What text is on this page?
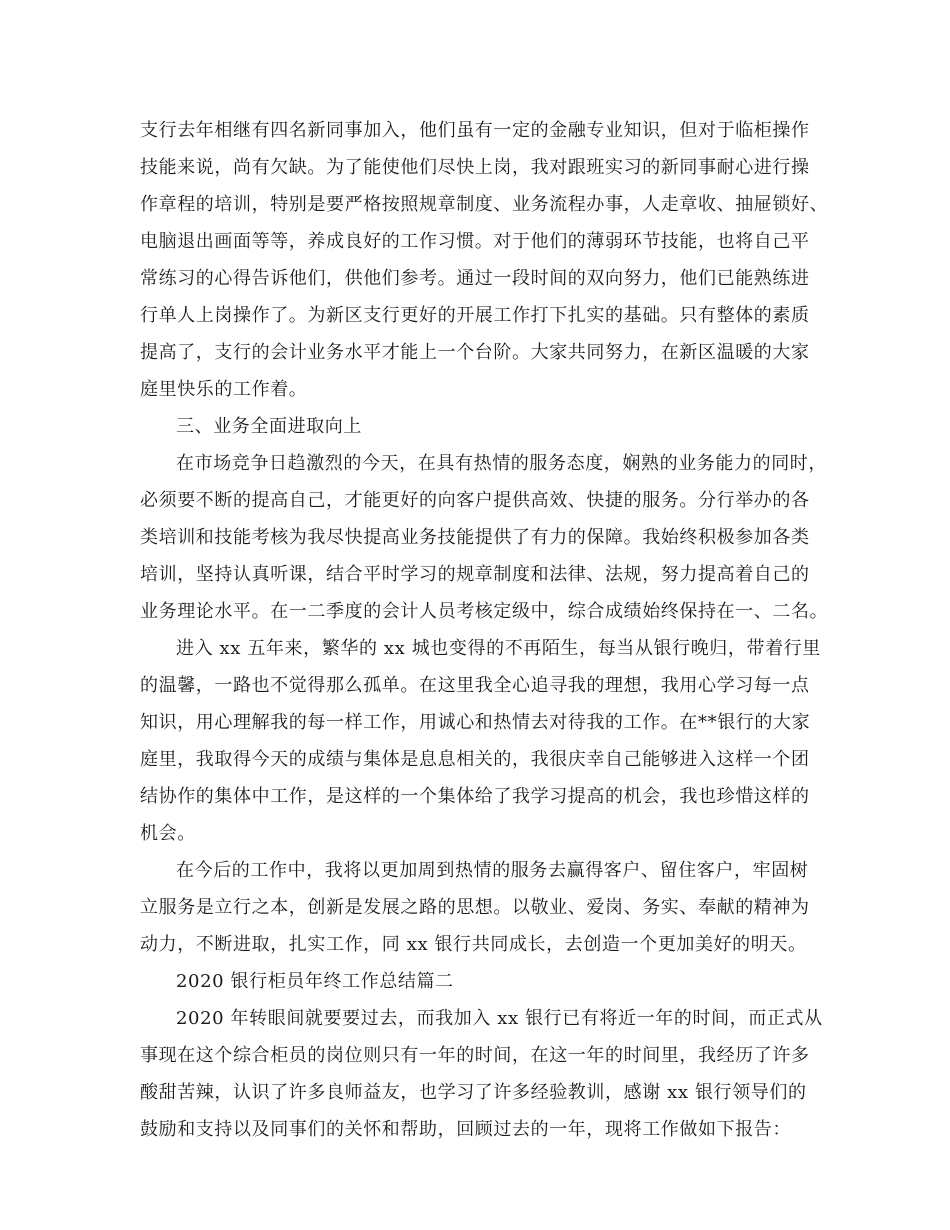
支行去年相继有四名新同事加入，他们虽有一定的金融专业知识，但对于临柜操作
技能来说，尚有欠缺。为了能使他们尽快上岗，我对跟班实习的新同事耐心进行操
作章程的培训，特别是要严格按照规章制度、业务流程办事，人走章收、抽屉锁好、
电脑退出画面等等，养成良好的工作习惯。对于他们的薄弱环节技能，也将自己平
常练习的心得告诉他们，供他们参考。通过一段时间的双向努力，他们已能熟练进
行单人上岗操作了。为新区支行更好的开展工作打下扎实的基础。只有整体的素质
提高了，支行的会计业务水平才能上一个台阶。大家共同努力，在新区温暖的大家
庭里快乐的工作着。
三、业务全面进取向上
在市场竞争日趋激烈的今天，在具有热情的服务态度，娴熟的业务能力的同时，
必须要不断的提高自己，才能更好的向客户提供高效、快捷的服务。分行举办的各
类培训和技能考核为我尽快提高业务技能提供了有力的保障。我始终积极参加各类
培训，坚持认真听课，结合平时学习的规章制度和法律、法规，努力提高着自己的
业务理论水平。在一二季度的会计人员考核定级中，综合成绩始终保持在一、二名。
进入 xx 五年来，繁华的 xx 城也变得的不再陌生，每当从银行晚归，带着行里
的温馨，一路也不觉得那么孤单。在这里我全心追寻我的理想，我用心学习每一点
知识，用心理解我的每一样工作，用诚心和热情去对待我的工作。在**银行的大家
庭里，我取得今天的成绩与集体是息息相关的，我很庆幸自己能够进入这样一个团
结协作的集体中工作，是这样的一个集体给了我学习提高的机会，我也珍惜这样的
机会。
在今后的工作中，我将以更加周到热情的服务去赢得客户、留住客户，牢固树
立服务是立行之本，创新是发展之路的思想。以敬业、爱岗、务实、奉献的精神为
动力，不断进取，扎实工作，同 xx 银行共同成长，去创造一个更加美好的明天。
2020 银行柜员年终工作总结篇二
2020 年转眼间就要要过去，而我加入 xx 银行已有将近一年的时间，而正式从
事现在这个综合柜员的岗位则只有一年的时间，在这一年的时间里，我经历了许多
酸甜苦辣，认识了许多良师益友，也学习了许多经验教训，感谢 xx 银行领导们的
鼓励和支持以及同事们的关怀和帮助，回顾过去的一年，现将工作做如下报告：
